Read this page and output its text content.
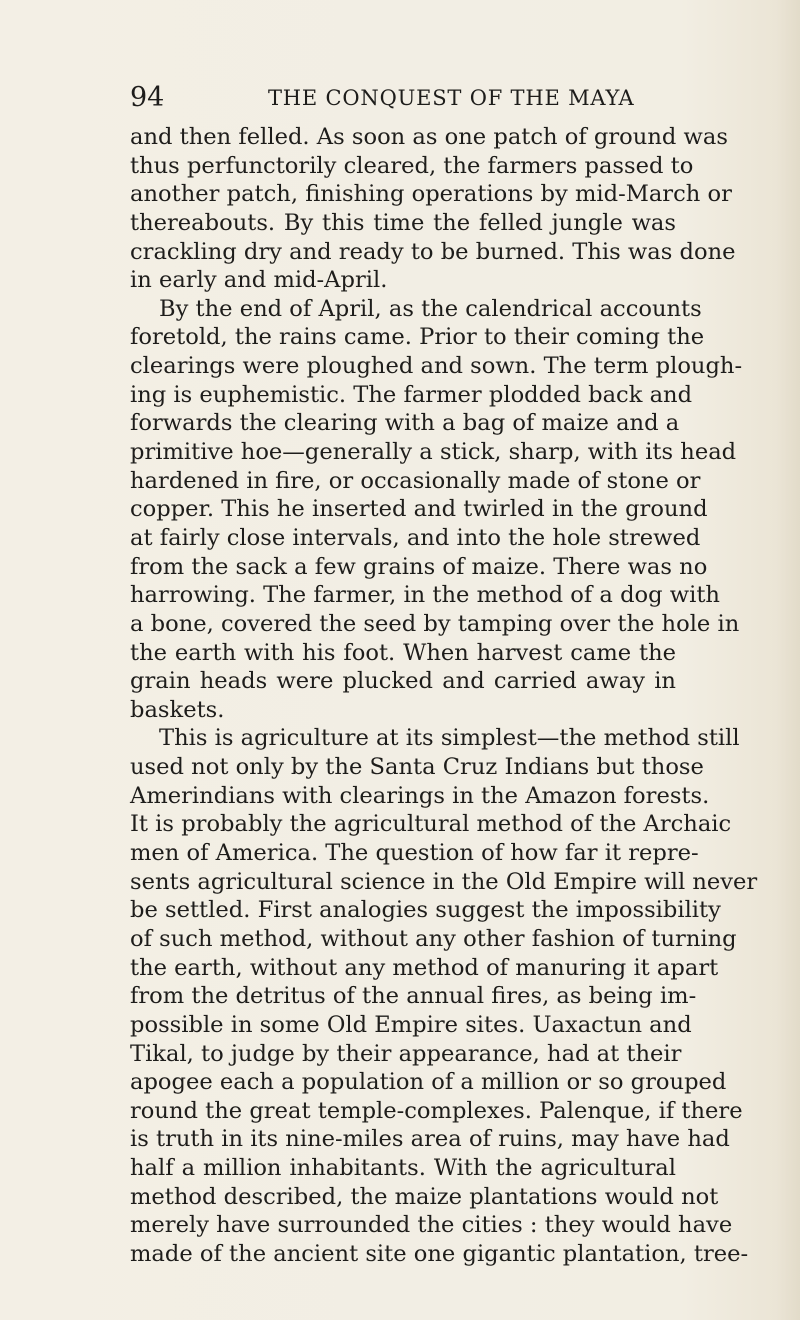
94	THE CONQUEST OF THE MAYA
and then felled. As soon as one patch of ground was
thus perfunctorily cleared, the farmers passed to
another patch, finishing operations by mid-March or
thereabouts. By this time the felled jungle was
crackling dry and ready to be burned. This was done
in early and mid-April.
By the end of April, as the calendrical accounts
foretold, the rains came. Prior to their coming the
clearings were ploughed and sown. The term plough-
ing is euphemistic. The farmer plodded back and
forwards the clearing with a bag of maize and a
primitive hoe—generally a stick, sharp, with its head
hardened in fire, or occasionally made of stone or
copper. This he inserted and twirled in the ground
at fairly close intervals, and into the hole strewed
from the sack a few grains of maize. There was no
harrowing. The farmer, in the method of a dog with
a bone, covered the seed by tamping over the hole in
the earth with his foot. When harvest came the
grain heads were plucked and carried away in
baskets.
This is agriculture at its simplest—the method still
used not only by the Santa Cruz Indians but those
Amerindians with clearings in the Amazon forests.
It is probably the agricultural method of the Archaic
men of America. The question of how far it repre-
sents agricultural science in the Old Empire will never
be settled. First analogies suggest the impossibility
of such method, without any other fashion of turning
the earth, without any method of manuring it apart
from the detritus of the annual fires, as being im-
possible in some Old Empire sites. Uaxactun and
Tikal, to judge by their appearance, had at their
apogee each a population of a million or so grouped
round the great temple-complexes. Palenque, if there
is truth in its nine-miles area of ruins, may have had
half a million inhabitants. With the agricultural
method described, the maize plantations would not
merely have surrounded the cities : they would have
made of the ancient site one gigantic plantation, tree-
